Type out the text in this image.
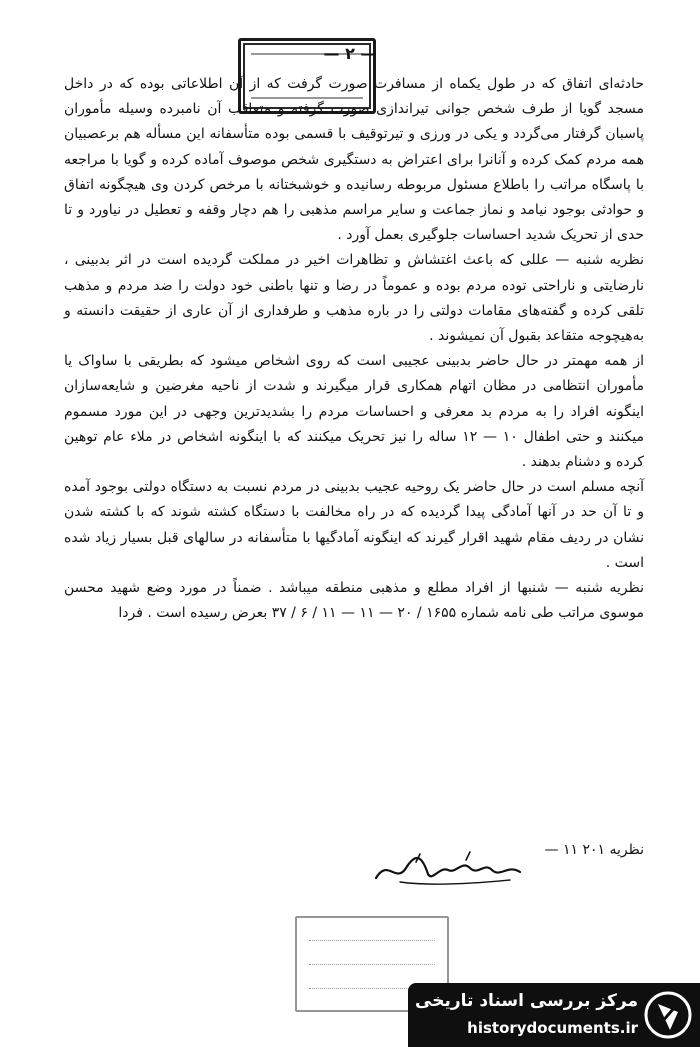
— ۲ —

حادثه‌ای اتفاق که در طول یکماه از مسافرت صورت گرفت که از آن اطلاعاتی بوده که در داخل مسجد گویا از طرف شخص جوانی تیراندازی صورت گرفته و متعاقب آن نامبرده وسیله مأموران پاسبان گرفتار می‌گردد و یکی در ورزی و تیرتوقیف با قسمی بوده متأسفانه این مسأله هم برعصبیان همه مردم کمک کرده و آنانرا برای اعتراض به دستگیری شخص موصوف آماده کرده و گویا با مراجعه با پاسگاه مراتب را باطلاع مسئول مربوطه رسانیده و خوشبختانه با مرخص کردن وی هیچگونه اتفاق و حوادثی بوجود نیامد و نماز جماعت و سایر مراسم مذهبی را هم دچار وقفه و تعطیل در نیاورد و تا حدی از تحریک شدید احساسات جلوگیری بعمل آورد .

نظریه شنبه — عللی که باعث اغتشاش و تظاهرات اخیر در مملکت گردیده است در اثر بدبینی ، نارضایتی و ناراحتی توده مردم بوده و عموماً در رضا و تنها باطنی خود دولت را ضد مردم و مذهب تلقی کرده و گفته‌های مقامات دولتی را در باره مذهب و طرفداری از آن عاری از حقیقت دانسته و به‌هیچوجه متقاعد بقبول آن نمیشوند .

از همه مهمتر در حال حاضر بدبینی عجیبی است که روی اشخاص میشود که بطریقی با ساواک یا مأموران انتظامی در مظان اتهام همکاری قرار میگیرند و شدت از ناحیه مغرضین و شایعه‌سازان اینگونه افراد را به مردم بد معرفی و احساسات مردم را بشدیدترین وجهی در این مورد مسموم میکنند و حتی اطفال ۱۰ — ۱۲ ساله را نیز تحریک میکنند که با اینگونه اشخاص در ملاء عام توهین کرده و دشنام بدهند .

آنچه مسلم است در حال حاضر یک روحیه عجیب بدبینی در مردم نسبت به دستگاه دولتی بوجود آمده و تا آن حد در آنها آمادگی پیدا گردیده که در راه مخالفت با دستگاه کشته شوند که با کشته شدن نشان در ردیف مقام شهید اقرار گیرند که اینگونه آمادگیها با متأسفانه در سالهای قبل بسیار زیاد شده است .

نظریه شنبه — شنبها از افراد مطلع و مذهبی منطقه میباشد . ضمناً در مورد وضع شهید محسن موسوی مراتب طی نامه شماره ۱۶۵۵ / ۲۰ — ۱۱ — ۱۱ / ۶ / ۳۷ بعرض رسیده است . فردا

نظریه ۲۰۱ ۱۱ —
مرکز بررسی اسناد تاریخی
historydocuments.ir
